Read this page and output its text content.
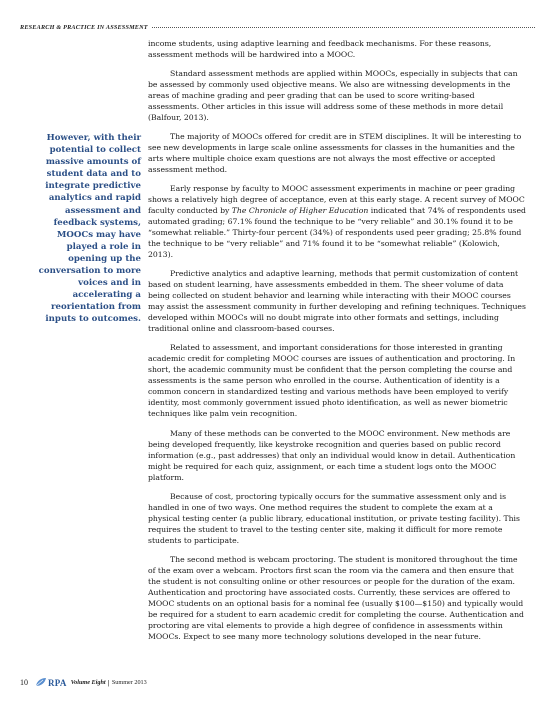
RESEARCH & PRACTICE IN ASSESSMENT
However, with their potential to collect massive amounts of student data and to integrate predictive analytics and rapid assessment and feedback systems, MOOCs may have played a role in opening up the conversation to more voices and in accelerating a reorientation from inputs to outcomes.

income students, using adaptive learning and feedback mechanisms. For these reasons, assessment methods will be hardwired into a MOOC.

Standard assessment methods are applied within MOOCs, especially in subjects that can be assessed by commonly used objective means. We also are witnessing developments in the areas of machine grading and peer grading that can be used to score writing-based assessments. Other articles in this issue will address some of these methods in more detail (Balfour, 2013).

The majority of MOOCs offered for credit are in STEM disciplines. It will be interesting to see new developments in large scale online assessments for classes in the humanities and the arts where multiple choice exam questions are not always the most effective or accepted assessment method.

Early response by faculty to MOOC assessment experiments in machine or peer grading shows a relatively high degree of acceptance, even at this early stage. A recent survey of MOOC faculty conducted by The Chronicle of Higher Education indicated that 74% of respondents used automated grading; 67.1% found the technique to be “very reliable” and 30.1% found it to be “somewhat reliable.” Thirty-four percent (34%) of respondents used peer grading; 25.8% found the technique to be “very reliable” and 71% found it to be “somewhat reliable” (Kolowich, 2013).

Predictive analytics and adaptive learning, methods that permit customization of content based on student learning, have assessments embedded in them. The sheer volume of data being collected on student behavior and learning while interacting with their MOOC courses may assist the assessment community in further developing and refining techniques. Techniques developed within MOOCs will no doubt migrate into other formats and settings, including traditional online and classroom-based courses.

Related to assessment, and important considerations for those interested in granting academic credit for completing MOOC courses are issues of authentication and proctoring. In short, the academic community must be confident that the person completing the course and assessments is the same person who enrolled in the course. Authentication of identity is a common concern in standardized testing and various methods have been employed to verify identity, most commonly government issued photo identification, as well as newer biometric techniques like palm vein recognition.

Many of these methods can be converted to the MOOC environment. New methods are being developed frequently, like keystroke recognition and queries based on public record information (e.g., past addresses) that only an individual would know in detail. Authentication might be required for each quiz, assignment, or each time a student logs onto the MOOC platform.

Because of cost, proctoring typically occurs for the summative assessment only and is handled in one of two ways. One method requires the student to complete the exam at a physical testing center (a public library, educational institution, or private testing facility). This requires the student to travel to the testing center site, making it difficult for more remote students to participate.

The second method is webcam proctoring. The student is monitored throughout the time of the exam over a webcam. Proctors first scan the room via the camera and then ensure that the student is not consulting online or other resources or people for the duration of the exam. Authentication and proctoring have associated costs. Currently, these services are offered to MOOC students on an optional basis for a nominal fee (usually $100—$150) and typically would be required for a student to earn academic credit for completing the course. Authentication and proctoring are vital elements to provide a high degree of confidence in assessments within MOOCs. Expect to see many more technology solutions developed in the near future.

10 RPA Volume Eight | Summer 2013
